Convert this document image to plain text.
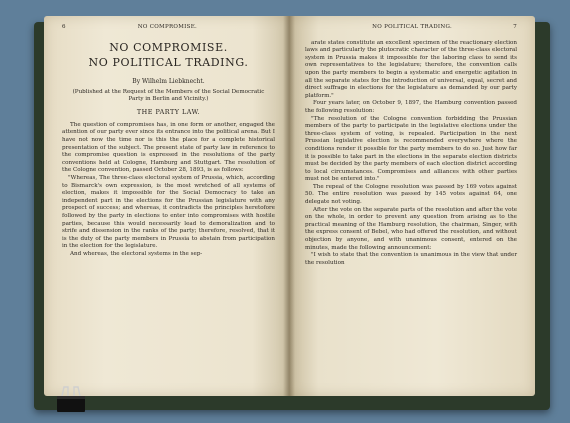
6	NO COMPROMISE.
NO COMPROMISE.
NO POLITICAL TRADING.
By Wilhelm Liebknecht.
(Published at the Request of the Members of the Social Democratic Party in Berlin and Vicinity.)
THE PARTY LAW.

The question of compromises has, in one form or another, engaged the attention of our party ever since its entrance into the political arena. But I have not now the time nor is this the place for a complete historical presentation of the subject. The present state of party law in reference to the compromise question is expressed in the resolutions of the party conventions held at Cologne, Hamburg and Stuttgart. The resolution of the Cologne convention, passed October 28, 1893, is as follows:

"Whereas, The three-class electoral system of Prussia, which, according to Bismarck's own expression, is the most wretched of all systems of election, makes it impossible for the Social Democracy to take an independent part in the elections for the Prussian legislature with any prospect of success; and whereas, it contradicts the principles heretofore followed by the party in elections to enter into compromises with hostile parties, because this would necessarily lead to demoralization and to strife and dissension in the ranks of the party; therefore, resolved, that it is the duty of the party members in Prussia to abstain from participation in the election for the legislature.

And whereas, the electoral systems in the sep-

NO POLITICAL TRADING.	7

arate states constitute an excellent specimen of the reactionary election laws and particularly the plutocratic character of the three-class electoral system in Prussia makes it impossible for the laboring class to send its own representatives to the legislature; therefore, the convention calls upon the party members to begin a systematic and energetic agitation in all the separate states for the introduction of universal, equal, secret and direct suffrage in elections for the legislature as demanded by our party platform."

Four years later, on October 9, 1897, the Hamburg convention passed the following resolution:

"The resolution of the Cologne convention forbidding the Prussian members of the party to participate in the legislative elections under the three-class system of voting, is repealed. Participation in the next Prussian legislative election is recommended everywhere where the conditions render it possible for the party members to do so. Just how far it is possible to take part in the elections in the separate election districts must be decided by the party members of each election district according to local circumstances. Compromises and alliances with other parties must not be entered into."

The repeal of the Cologne resolution was passed by 169 votes against 50. The entire resolution was passed by 145 votes against 64, one delegate not voting.

After the vote on the separate parts of the resolution and after the vote on the whole, in order to prevent any question from arising as to the practical meaning of the Hamburg resolution, the chairman, Singer, with the express consent of Bebel, who had offered the resolution, and without objection by anyone, and with unanimous consent, entered on the minutes, made the following announcement:

"I wish to state that the convention is unanimous in the view that under the resolution
